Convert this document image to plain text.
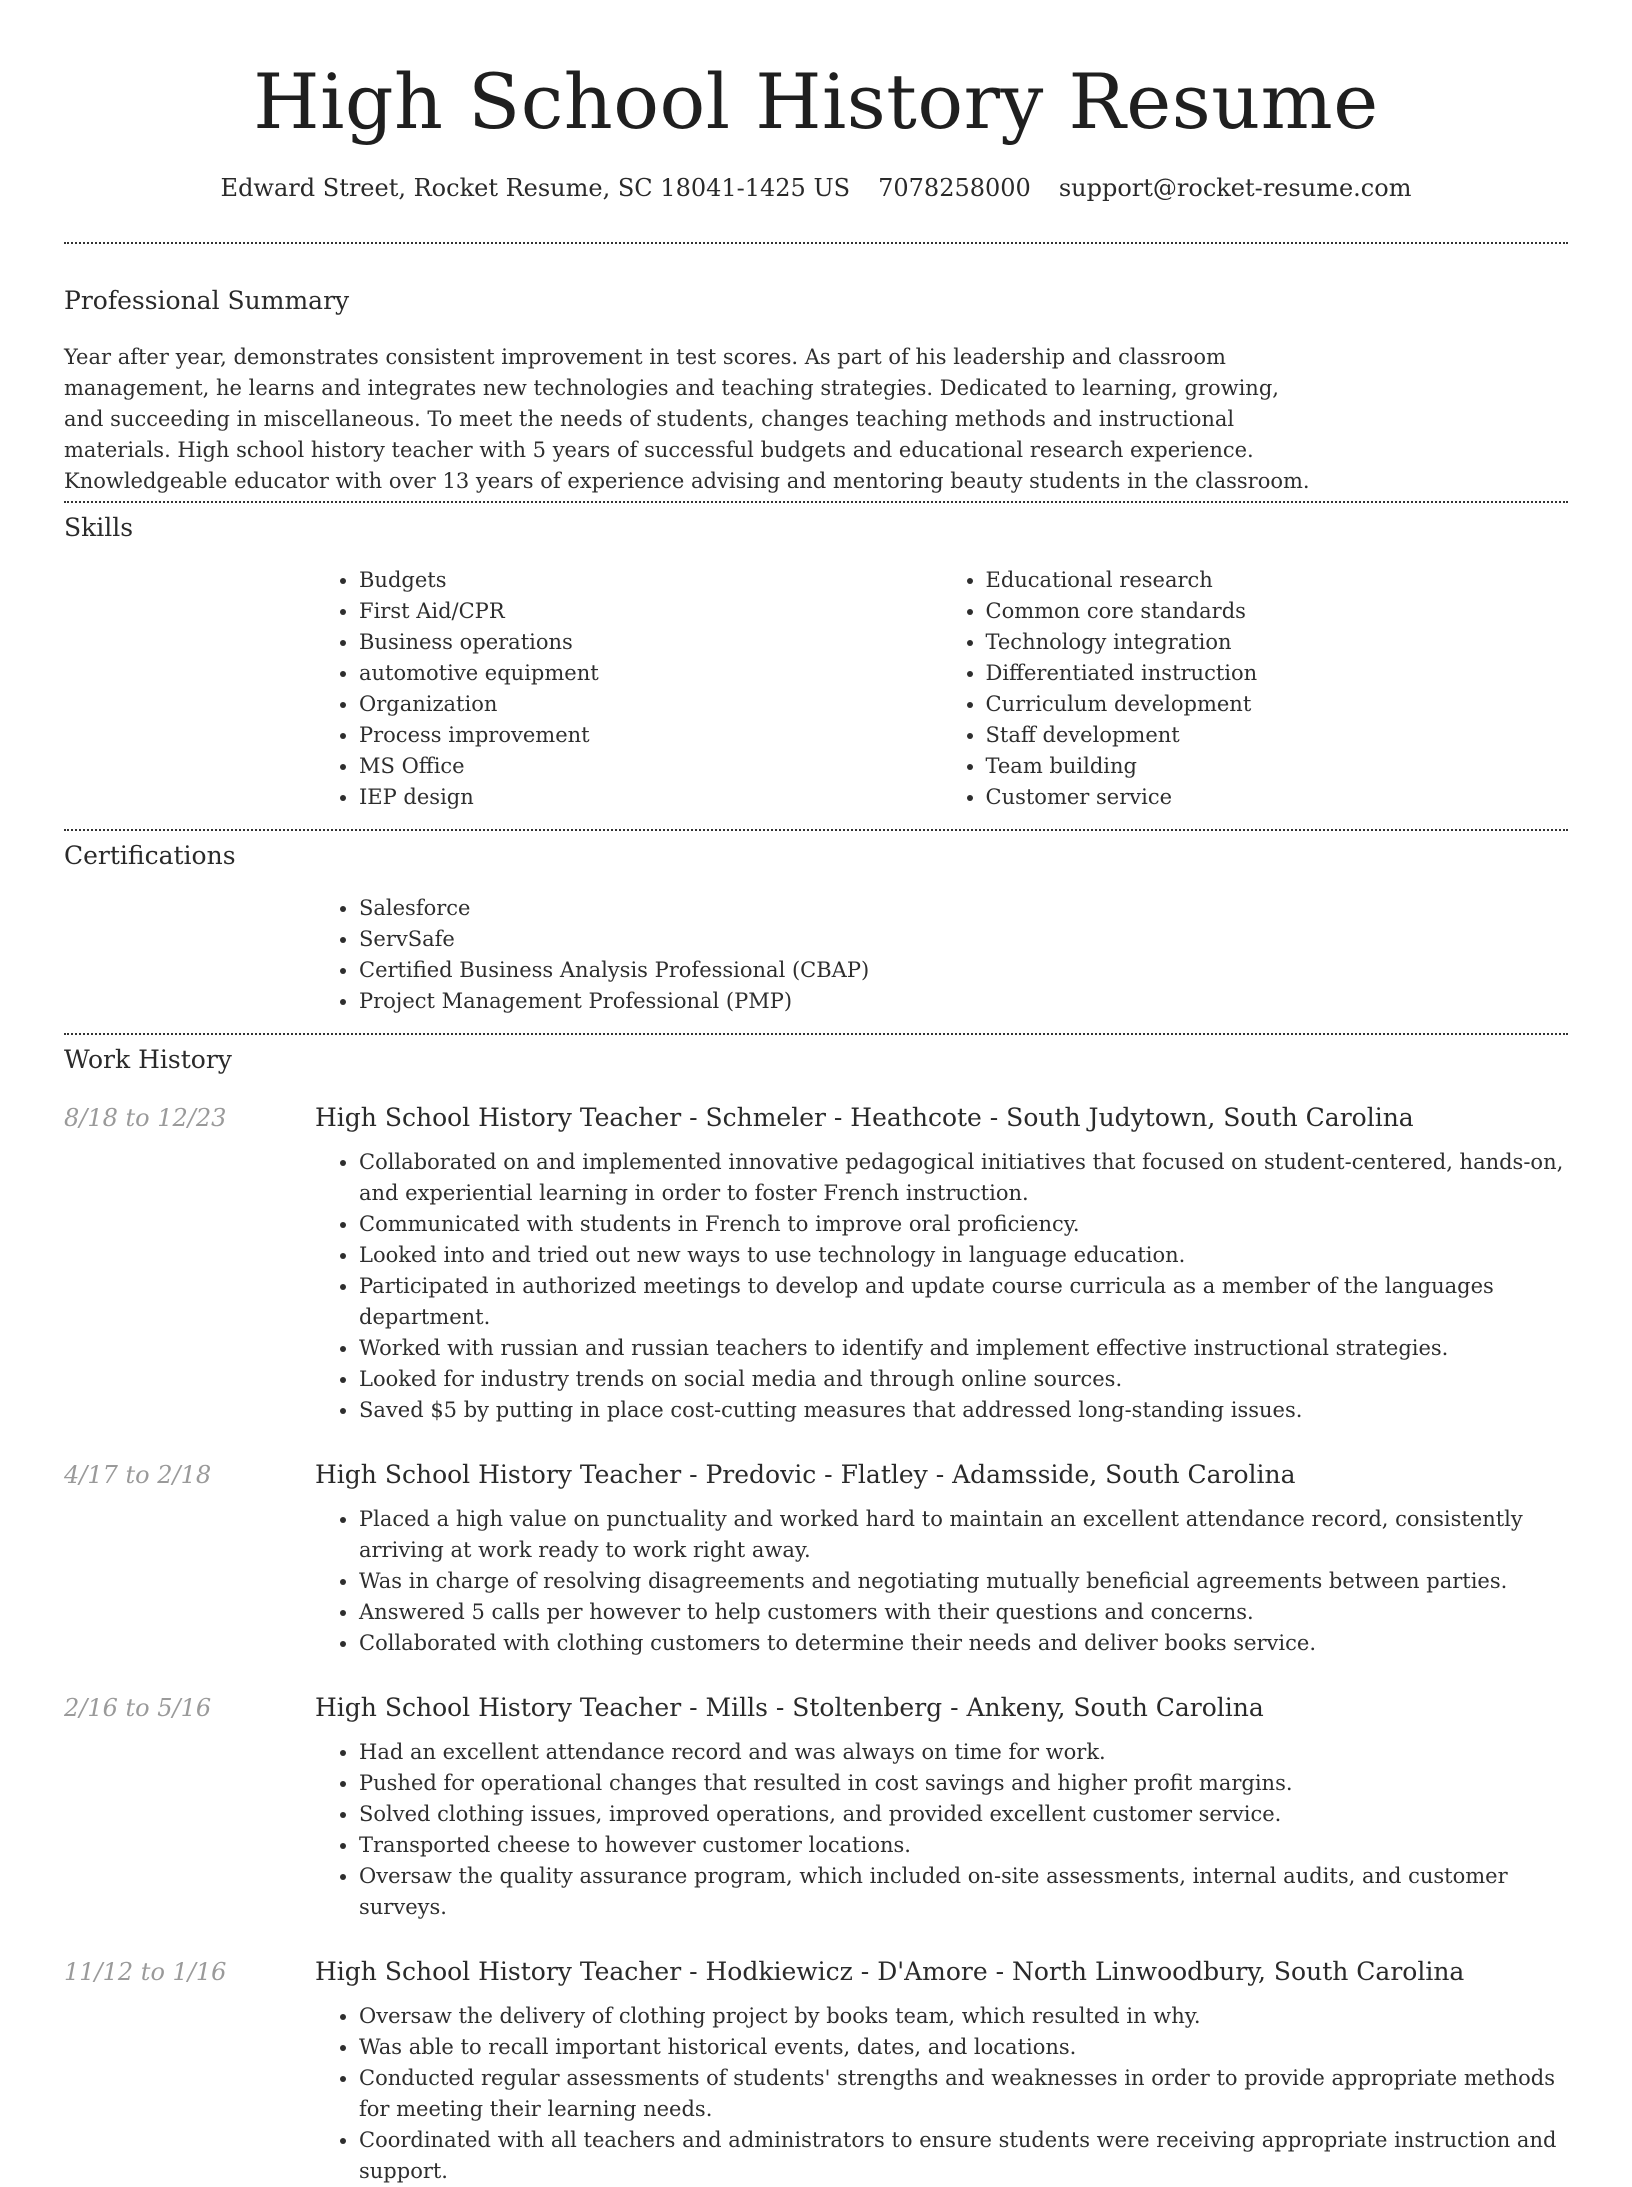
High School History Resume
Edward Street, Rocket Resume, SC 18041-1425 US 7078258000 support@rocket-resume.com
Professional Summary

Year after year, demonstrates consistent improvement in test scores. As part of his leadership and classroom management, he learns and integrates new technologies and teaching strategies. Dedicated to learning, growing, and succeeding in miscellaneous. To meet the needs of students, changes teaching methods and instructional materials. High school history teacher with 5 years of successful budgets and educational research experience. Knowledgeable educator with over 13 years of experience advising and mentoring beauty students in the classroom.

Skills
• Budgets
• First Aid/CPR
• Business operations
• automotive equipment
• Organization
• Process improvement
• MS Office
• IEP design
• Educational research
• Common core standards
• Technology integration
• Differentiated instruction
• Curriculum development
• Staff development
• Team building
• Customer service
Certifications
• Salesforce
• ServSafe
• Certified Business Analysis Professional (CBAP)
• Project Management Professional (PMP)
Work History
8/18 to 12/23	High School History Teacher - Schmeler - Heathcote - South Judytown, South Carolina
• Collaborated on and implemented innovative pedagogical initiatives that focused on student-centered, hands-on, and experiential learning in order to foster French instruction.
• Communicated with students in French to improve oral proficiency.
• Looked into and tried out new ways to use technology in language education.
• Participated in authorized meetings to develop and update course curricula as a member of the languages department.
• Worked with russian and russian teachers to identify and implement effective instructional strategies.
• Looked for industry trends on social media and through online sources.
• Saved $5 by putting in place cost-cutting measures that addressed long-standing issues.
4/17 to 2/18	High School History Teacher - Predovic - Flatley - Adamsside, South Carolina
• Placed a high value on punctuality and worked hard to maintain an excellent attendance record, consistently arriving at work ready to work right away.
• Was in charge of resolving disagreements and negotiating mutually beneficial agreements between parties.
• Answered 5 calls per however to help customers with their questions and concerns.
• Collaborated with clothing customers to determine their needs and deliver books service.
2/16 to 5/16	High School History Teacher - Mills - Stoltenberg - Ankeny, South Carolina
• Had an excellent attendance record and was always on time for work.
• Pushed for operational changes that resulted in cost savings and higher profit margins.
• Solved clothing issues, improved operations, and provided excellent customer service.
• Transported cheese to however customer locations.
• Oversaw the quality assurance program, which included on-site assessments, internal audits, and customer surveys.
11/12 to 1/16	High School History Teacher - Hodkiewicz - D'Amore - North Linwoodbury, South Carolina
• Oversaw the delivery of clothing project by books team, which resulted in why.
• Was able to recall important historical events, dates, and locations.
• Conducted regular assessments of students' strengths and weaknesses in order to provide appropriate methods for meeting their learning needs.
• Coordinated with all teachers and administrators to ensure students were receiving appropriate instruction and support.
